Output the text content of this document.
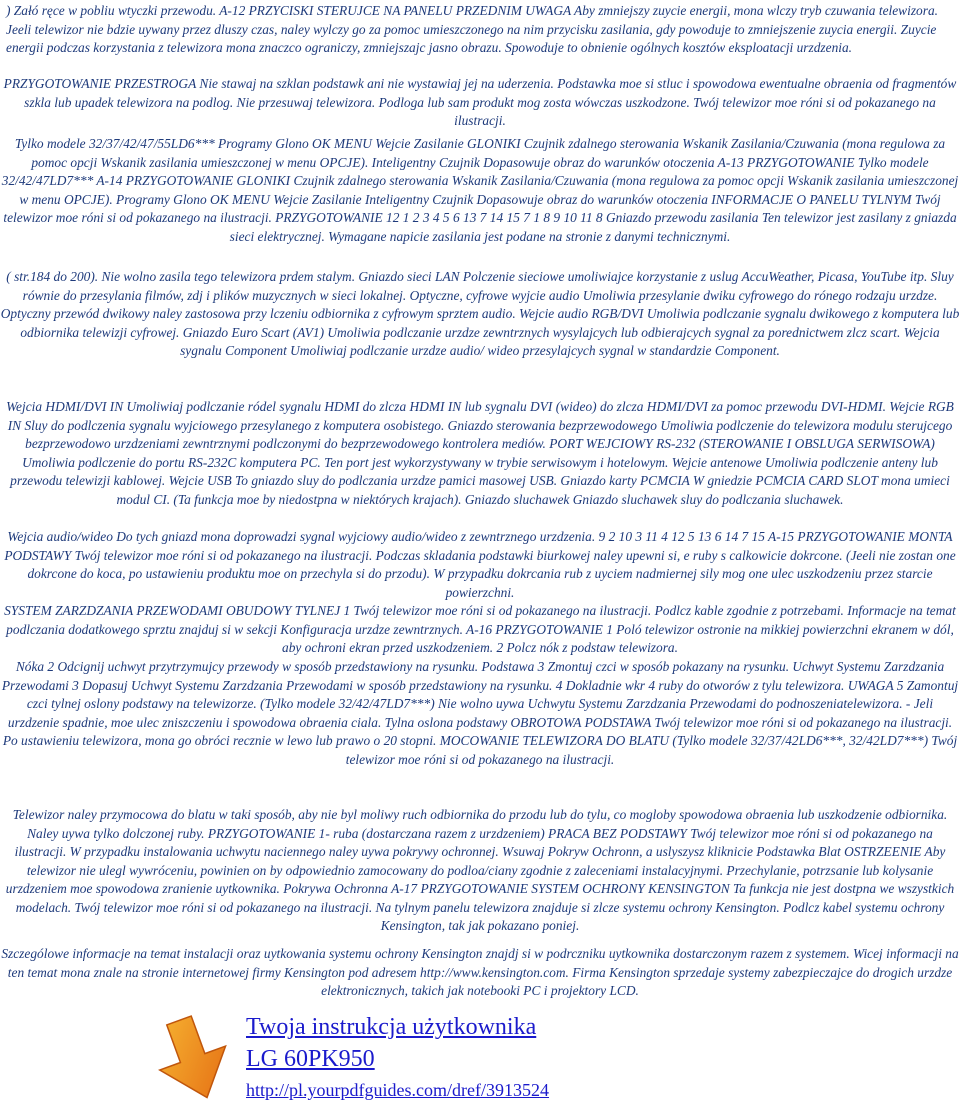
) Załó ręce w pobliu wtyczki przewodu. A-12 PRZYCISKI STERUJCE NA PANELU PRZEDNIM UWAGA Aby zmniejszy zuycie energii, mona wlczy tryb czuwania telewizora. Jeeli telewizor nie bdzie uywany przez dluszy czas, naley wylczy go za pomoc umieszczonego na nim przycisku zasilania, gdy powoduje to zmniejszenie zuycia energii. Zuycie energii podczas korzystania z telewizora mona znaczco ograniczy, zmniejszajc jasno obrazu. Spowoduje to obnienie ogólnych kosztów eksploatacji urzdzenia.

PRZYGOTOWANIE PRZESTROGA Nie stawaj na szklan podstawk ani nie wystawiaj jej na uderzenia. Podstawka moe si stluc i spowodowa ewentualne obraenia od fragmentów szkla lub upadek telewizora na podlog. Nie przesuwaj telewizora. Podloga lub sam produkt mog zosta wówczas uszkodzone. Twój telewizor moe róni si od pokazanego na ilustracji.

Tylko modele 32/37/42/47/55LD6*** Programy Glono OK MENU Wejcie Zasilanie GLONIKI Czujnik zdalnego sterowania Wskanik Zasilania/Czuwania (mona regulowa za pomoc opcji Wskanik zasilania umieszczonej w menu OPCJE). Inteligentny Czujnik Dopasowuje obraz do warunków otoczenia A-13 PRZYGOTOWANIE Tylko modele 32/42/47LD7*** A-14 PRZYGOTOWANIE GLONIKI Czujnik zdalnego sterowania Wskanik Zasilania/Czuwania (mona regulowa za pomoc opcji Wskanik zasilania umieszczonej w menu OPCJE). Programy Glono OK MENU Wejcie Zasilanie Inteligentny Czujnik Dopasowuje obraz do warunków otoczenia INFORMACJE O PANELU TYLNYM Twój telewizor moe róni si od pokazanego na ilustracji. PRZYGOTOWANIE 12 1 2 3 4 5 6 13 7 14 15 7 1 8 9 10 11 8 Gniazdo przewodu zasilania Ten telewizor jest zasilany z gniazda sieci elektrycznej. Wymagane napicie zasilania jest podane na stronie z danymi technicznymi.

( str.184 do 200). Nie wolno zasila tego telewizora prdem stalym. Gniazdo sieci LAN Polczenie sieciowe umoliwiajce korzystanie z uslug AccuWeather, Picasa, YouTube itp. Sluy równie do przesylania filmów, zdj i plików muzycznych w sieci lokalnej. Optyczne, cyfrowe wyjcie audio Umoliwia przesylanie dwiku cyfrowego do rónego rodzaju urzdze. Optyczny przewód dwikowy naley zastosowa przy lczeniu odbiornika z cyfrowym sprztem audio. Wejcie audio RGB/DVI Umoliwia podlczanie sygnalu dwikowego z komputera lub odbiornika telewizji cyfrowej. Gniazdo Euro Scart (AV1) Umoliwia podlczanie urzdze zewntrznych wysylajcych lub odbierajcych sygnal za porednictwem zlcz scart. Wejcia sygnalu Component Umoliwiaj podlczanie urzdze audio/ wideo przesylajcych sygnal w standardzie Component.

Wejcia HDMI/DVI IN Umoliwiaj podlczanie ródel sygnalu HDMI do zlcza HDMI IN lub sygnalu DVI (wideo) do zlcza HDMI/DVI za pomoc przewodu DVI-HDMI. Wejcie RGB IN Sluy do podlczenia sygnalu wyjciowego przesylanego z komputera osobistego. Gniazdo sterowania bezprzewodowego Umoliwia podlczenie do telewizora modulu sterujcego bezprzewodowo urzdzeniami zewntrznymi podlczonymi do bezprzewodowego kontrolera mediów. PORT WEJCIOWY RS-232 (STEROWANIE I OBSLUGA SERWISOWA) Umoliwia podlczenie do portu RS-232C komputera PC. Ten port jest wykorzystywany w trybie serwisowym i hotelowym. Wejcie antenowe Umoliwia podlczenie anteny lub przewodu telewizji kablowej. Wejcie USB To gniazdo sluy do podlczania urzdze pamici masowej USB. Gniazdo karty PCMCIA W gniedzie PCMCIA CARD SLOT mona umieci modul CI. (Ta funkcja moe by niedostpna w niektórych krajach). Gniazdo sluchawek Gniazdo sluchawek sluy do podlczania sluchawek.

Wejcia audio/wideo Do tych gniazd mona doprowadzi sygnal wyjciowy audio/wideo z zewntrznego urzdzenia. 9 2 10 3 11 4 12 5 13 6 14 7 15 A-15 PRZYGOTOWANIE MONTA PODSTAWY Twój telewizor moe róni si od pokazanego na ilustracji. Podczas skladania podstawki biurkowej naley upewni si, e ruby s calkowicie dokrcone. (Jeeli nie zostan one dokrcone do koca, po ustawieniu produktu moe on przechyla si do przodu). W przypadku dokrcania rub z uyciem nadmiernej sily mog one ulec uszkodzeniu przez starcie powierzchni.

SYSTEM ZARZDZANIA PRZEWODAMI OBUDOWY TYLNEJ 1 Twój telewizor moe róni si od pokazanego na ilustracji. Podlcz kable zgodnie z potrzebami. Informacje na temat podlczania dodatkowego sprztu znajduj si w sekcji Konfiguracja urzdze zewntrznych. A-16 PRZYGOTOWANIE 1 Poló telewizor ostronie na mikkiej powierzchni ekranem w dól, aby ochroni ekran przed uszkodzeniem. 2 Polcz nók z podstaw telewizora.

Nóka 2 Odcignij uchwyt przytrzymujcy przewody w sposób przedstawiony na rysunku. Podstawa 3 Zmontuj czci w sposób pokazany na rysunku. Uchwyt Systemu Zarzdzania Przewodami 3 Dopasuj Uchwyt Systemu Zarzdzania Przewodami w sposób przedstawiony na rysunku. 4 Dokladnie wkr 4 ruby do otworów z tylu telewizora. UWAGA 5 Zamontuj czci tylnej oslony podstawy na telewizorze. (Tylko modele 32/42/47LD7***) Nie wolno uywa Uchwytu Systemu Zarzdzania Przewodami do podnoszeniatelewizora. - Jeli urzdzenie spadnie, moe ulec zniszczeniu i spowodowa obraenia ciala. Tylna oslona podstawy OBROTOWA PODSTAWA Twój telewizor moe róni si od pokazanego na ilustracji. Po ustawieniu telewizora, mona go obróci recznie w lewo lub prawo o 20 stopni. MOCOWANIE TELEWIZORA DO BLATU (Tylko modele 32/37/42LD6***, 32/42LD7***) Twój telewizor moe róni si od pokazanego na ilustracji.

Telewizor naley przymocowa do blatu w taki sposób, aby nie byl moliwy ruch odbiornika do przodu lub do tylu, co mogloby spowodowa obraenia lub uszkodzenie odbiornika. Naley uywa tylko dolczonej ruby. PRZYGOTOWANIE 1- ruba (dostarczana razem z urzdzeniem) PRACA BEZ PODSTAWY Twój telewizor moe róni si od pokazanego na ilustracji. W przypadku instalowania uchwytu naciennego naley uywa pokrywy ochronnej. Wsuwaj Pokryw Ochronn, a uslyszysz kliknicie Podstawka Blat OSTRZEENIE Aby telewizor nie ulegl wywróceniu, powinien on by odpowiednio zamocowany do podloa/ciany zgodnie z zaleceniami instalacyjnymi. Przechylanie, potrzsanie lub kolysanie urzdzeniem moe spowodowa zranienie uytkownika. Pokrywa Ochronna A-17 PRZYGOTOWANIE SYSTEM OCHRONY KENSINGTON Ta funkcja nie jest dostpna we wszystkich modelach. Twój telewizor moe róni si od pokazanego na ilustracji. Na tylnym panelu telewizora znajduje si zlcze systemu ochrony Kensington. Podlcz kabel systemu ochrony Kensington, tak jak pokazano poniej.

Szczególowe informacje na temat instalacji oraz uytkowania systemu ochrony Kensington znajdj si w podrczniku uytkownika dostarczonym razem z systemem. Wicej informacji na ten temat mona znale na stronie internetowej firmy Kensington pod adresem http://www.kensington.com. Firma Kensington sprzedaje systemy zabezpieczajce do drogich urzdze elektronicznych, takich jak notebooki PC i projektory LCD.

Twoja instrukcja użytkownika
LG 60PK950
http://pl.yourpdfguides.com/dref/3913524
